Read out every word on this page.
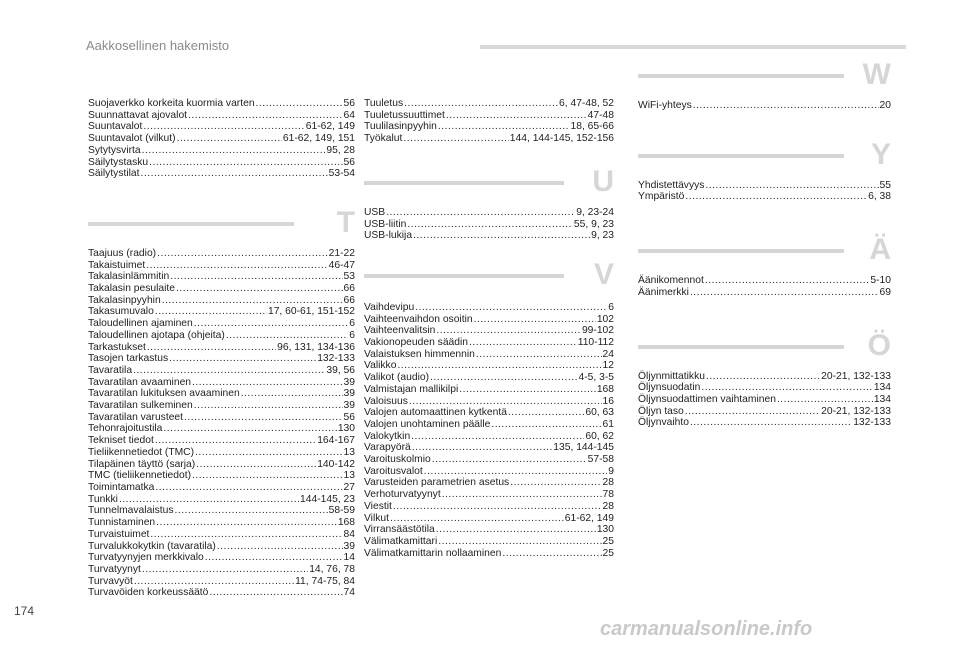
Aakkosellinen hakemisto
Suojaverkko korkeita kuormia varten .....	56
Suunnattavat ajovalot .....	64
Suuntavalot .....	61-62, 149
Suuntavalot (vilkut) .....	61-62, 149, 151
Sytytysvirta .....	95, 28
Säilytystasku .....	56
Säilytystilat .....	53-54
T
Taajuus (radio) .....	21-22
Takaistuimet .....	46-47
Takalasinlämmitin .....	53
Takalasin pesulaite .....	66
Takalasinpyyhin .....	66
Takasumuvalo .....	17, 60-61, 151-152
Taloudellinen ajaminen .....	6
Taloudellinen ajotapa (ohjeita) .....	6
Tarkastukset .....	96, 131, 134-136
Tasojen tarkastus .....	132-133
Tavaratila .....	39, 56
Tavaratilan avaaminen .....	39
Tavaratilan lukituksen avaaminen .....	39
Tavaratilan sulkeminen .....	39
Tavaratilan varusteet .....	56
Tehonrajoitustila .....	130
Tekniset tiedot .....	164-167
Tieliikennetiedot (TMC) .....	13
Tilapäinen täyttö (sarja) .....	140-142
TMC (tieliikennetiedot) .....	13
Toimintamatka .....	27
Tunkki .....	144-145, 23
Tunnelmavalaistus .....	58-59
Tunnistaminen .....	168
Turvaistuimet .....	84
Turvalukkokytkin (tavaratila) .....	39
Turvatyynyjen merkkivalo .....	14
Turvatyynyt .....	14, 76, 78
Turvavyöt .....	11, 74-75, 84
Turvavöiden korkeussäätö .....	74
Tuuletus .....	6, 47-48, 52
Tuuletussuuttimet .....	47-48
Tuulilasinpyyhin .....	18, 65-66
Työkalut .....	144, 144-145, 152-156
U
USB .....	9, 23-24
USB-liitin .....	55, 9, 23
USB-lukija .....	9, 23
V
Vaihdevipu .....	6
Vaihteenvaihdon osoitin .....	102
Vaihteenvalitsin .....	99-102
Vakionopeuden säädin .....	110-112
Valaistuksen himmennin .....	24
Valikko .....	12
Valikot (audio) .....	4-5, 3-5
Valmistajan mallikilpi .....	168
Valoisuus .....	16
Valojen automaattinen kytkentä .....	60, 63
Valojen unohtaminen päälle .....	61
Valokytkin .....	60, 62
Varapyörä .....	135, 144-145
Varoituskolmio .....	57-58
Varoitusvalot .....	9
Varusteiden parametrien asetus .....	28
Verhoturvatyynyt .....	78
Viestit .....	28
Vilkut .....	61-62, 149
Virransäästötila .....	130
Välimatkamittari .....	25
Välimatkamittarin nollaaminen .....	25
W
WiFi-yhteys .....	20
Y
Yhdistettävyys .....	55
Ympäristö .....	6, 38
Ä
Äänikomennot .....	5-10
Äänimerkki .....	69
Ö
Öljynmittatikku .....	20-21, 132-133
Öljynsuodatin .....	134
Öljynsuodattimen vaihtaminen .....	134
Öljyn taso .....	20-21, 132-133
Öljynvaihto .....	132-133
174
carmanualsonline.info
